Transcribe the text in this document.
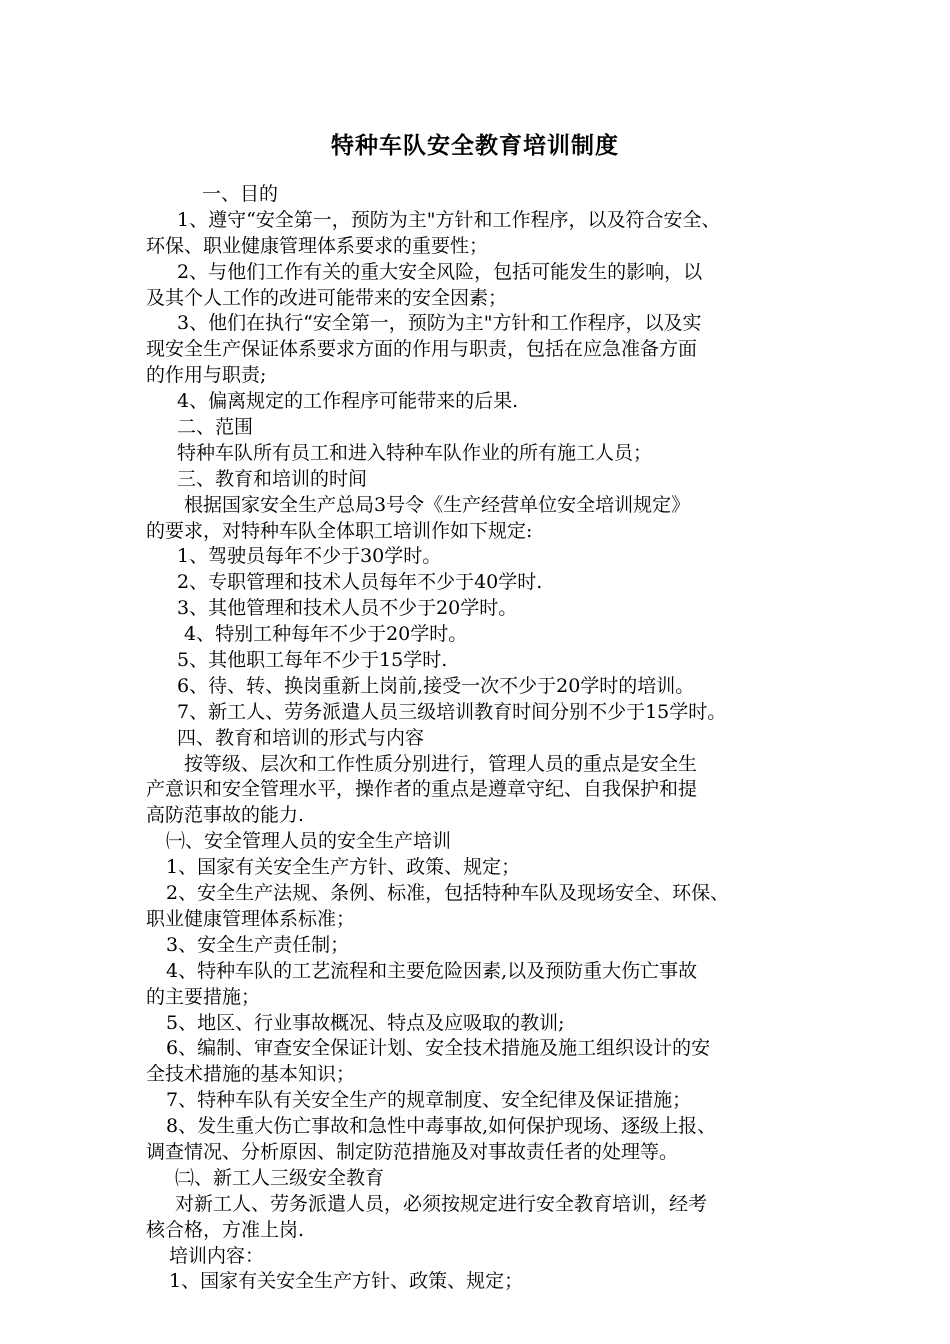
特种车队安全教育培训制度
一、目的
1、遵守“安全第一，预防为主"方针和工作程序，以及符合安全、
环保、职业健康管理体系要求的重要性；
2、与他们工作有关的重大安全风险，包括可能发生的影响，以
及其个人工作的改进可能带来的安全因素；
3、他们在执行“安全第一，预防为主"方针和工作程序，以及实
现安全生产保证体系要求方面的作用与职责，包括在应急准备方面
的作用与职责;
4、偏离规定的工作程序可能带来的后果.
二、范围
特种车队所有员工和进入特种车队作业的所有施工人员；
三、教育和培训的时间
根据国家安全生产总局3号令《生产经营单位安全培训规定》
的要求，对特种车队全体职工培训作如下规定:
1、驾驶员每年不少于30学时。
2、专职管理和技术人员每年不少于40学时.
3、其他管理和技术人员不少于20学时。
4、特别工种每年不少于20学时。
5、其他职工每年不少于15学时.
6、待、转、换岗重新上岗前,接受一次不少于20学时的培训。
7、新工人、劳务派遣人员三级培训教育时间分别不少于15学时。
四、教育和培训的形式与内容
按等级、层次和工作性质分别进行，管理人员的重点是安全生
产意识和安全管理水平，操作者的重点是遵章守纪、自我保护和提
高防范事故的能力.
㈠、安全管理人员的安全生产培训
1、国家有关安全生产方针、政策、规定；
2、安全生产法规、条例、标准，包括特种车队及现场安全、环保、
职业健康管理体系标准；
3、安全生产责任制；
4、特种车队的工艺流程和主要危险因素,以及预防重大伤亡事故
的主要措施；
5、地区、行业事故概况、特点及应吸取的教训;
6、编制、审查安全保证计划、安全技术措施及施工组织设计的安
全技术措施的基本知识；
7、特种车队有关安全生产的规章制度、安全纪律及保证措施；
8、发生重大伤亡事故和急性中毒事故,如何保护现场、逐级上报、
调查情况、分析原因、制定防范措施及对事故责任者的处理等。
㈡、新工人三级安全教育
对新工人、劳务派遣人员，必须按规定进行安全教育培训，经考
核合格，方准上岗.
培训内容：
1、国家有关安全生产方针、政策、规定；
